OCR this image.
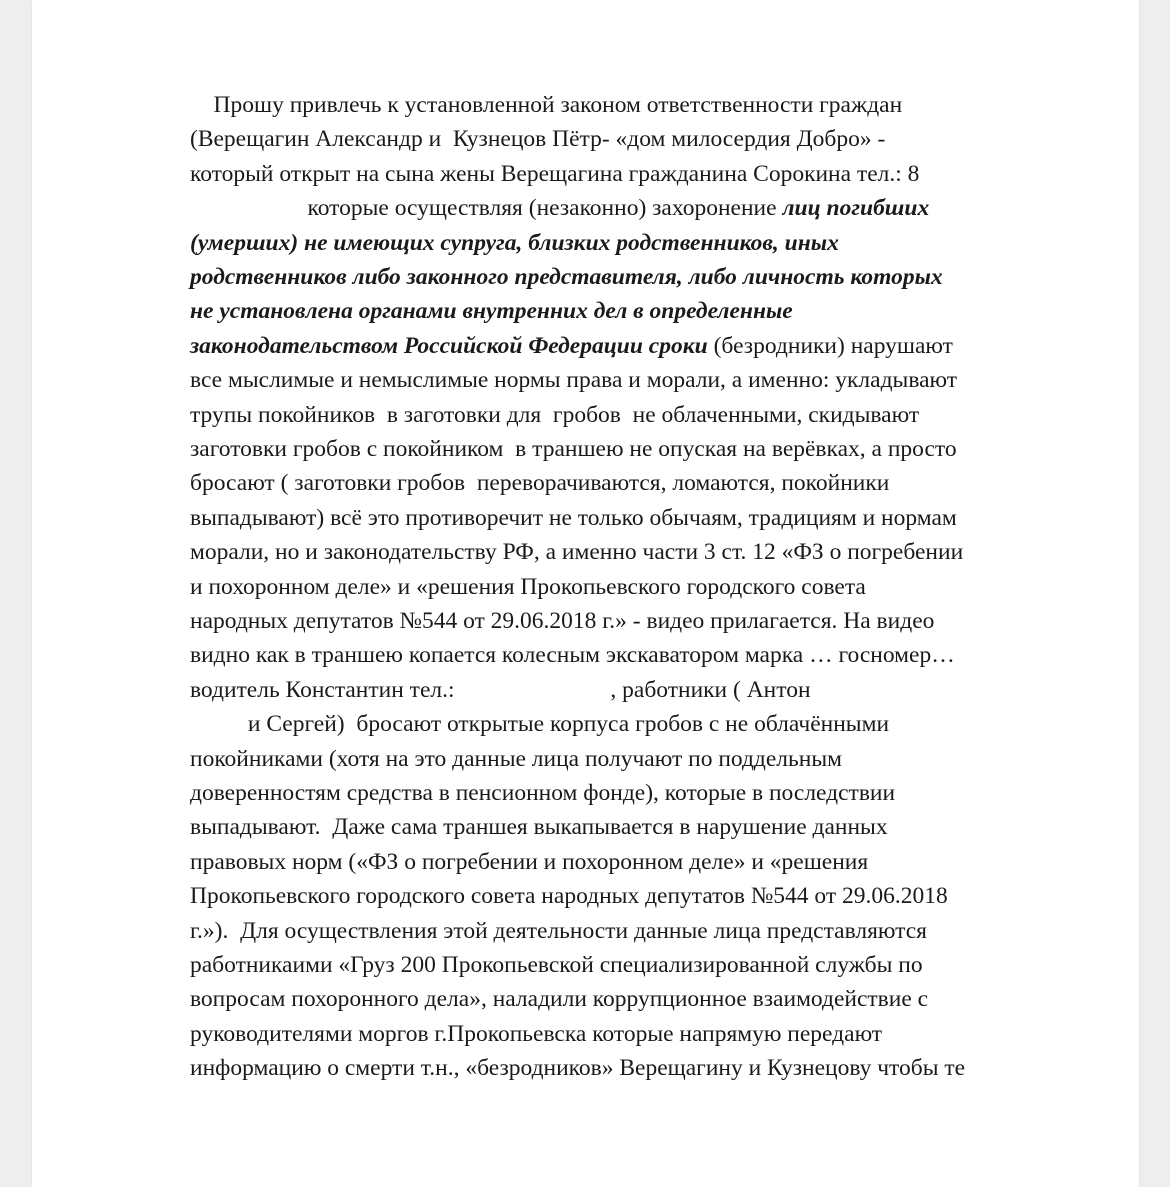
Прошу привлечь к установленной законом ответственности граждан
(Верещагин Александр и  Кузнецов Пётр- «дом милосердия Добро» -
который открыт на сына жены Верещагина гражданина Сорокина тел.: 8
которые осуществляя (незаконно) захоронение лиц погибших
(умерших) не имеющих супруга, близких родственников, иных
родственников либо законного представителя, либо личность которых
не установлена органами внутренних дел в определенные
законодательством Российской Федерации сроки (безродники) нарушают
все мыслимые и немыслимые нормы права и морали, а именно: укладывают
трупы покойников  в заготовки для  гробов  не облаченными, скидывают
заготовки гробов с покойником  в траншею не опуская на верёвках, а просто
бросают ( заготовки гробов  переворачиваются, ломаются, покойники
выпадывают) всё это противоречит не только обычаям, традициям и нормам
морали, но и законодательству РФ, а именно части 3 ст. 12 «ФЗ о погребении
и похоронном деле» и «решения Прокопьевского городского совета
народных депутатов №544 от 29.06.2018 г.» - видео прилагается. На видео
видно как в траншею копается колесным экскаватором марка … госномер…
водитель Константин тел.:	, работники ( Антон
и Сергей)  бросают открытые корпуса гробов с не облачёнными
покойниками (хотя на это данные лица получают по поддельным
доверенностям средства в пенсионном фонде), которые в последствии
выпадывают.  Даже сама траншея выкапывается в нарушение данных
правовых норм («ФЗ о погребении и похоронном деле» и «решения
Прокопьевского городского совета народных депутатов №544 от 29.06.2018
г.»).  Для осуществления этой деятельности данные лица представляются
работникаими «Груз 200 Прокопьевской специализированной службы по
вопросам похоронного дела», наладили коррупционное взаимодействие с
руководителями моргов г.Прокопьевска которые напрямую передают
информацию о смерти т.н., «безродников» Верещагину и Кузнецову чтобы те
